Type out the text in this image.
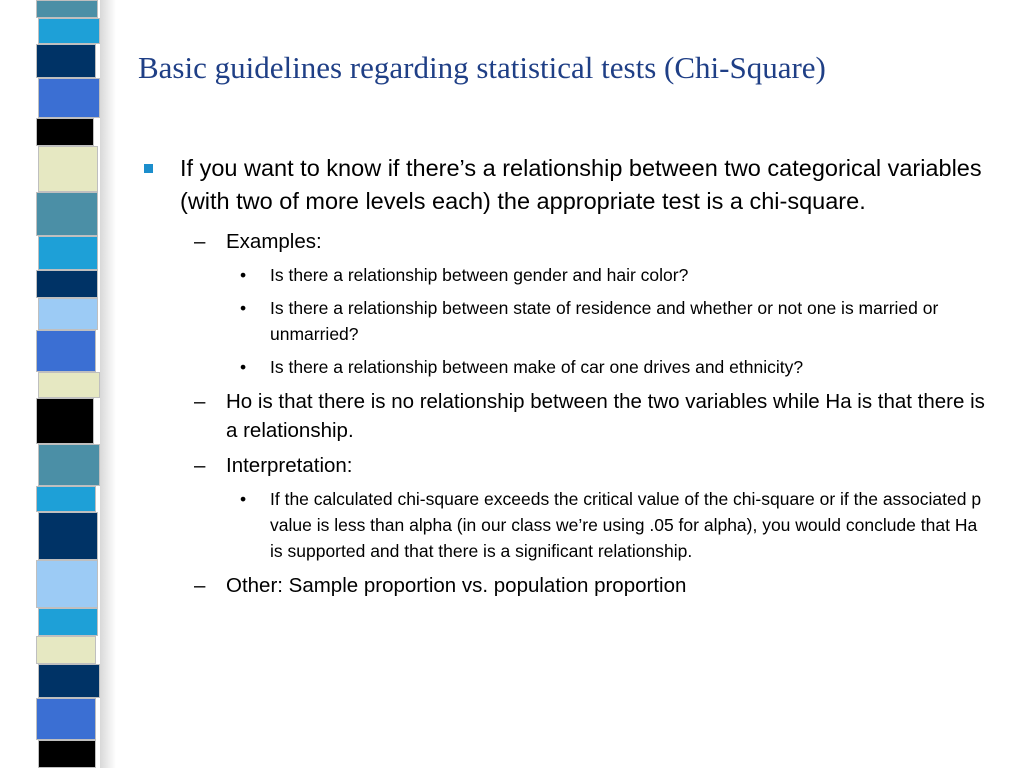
Basic guidelines regarding statistical tests (Chi-Square)
If you want to know if there’s a relationship between two categorical variables (with two of more levels each) the appropriate test is a chi-square.
– Examples:
• Is there a relationship between gender and hair color?
• Is there a relationship between state of residence and whether or not one is married or unmarried?
• Is there a relationship between make of car one drives and ethnicity?
– Ho is that there is no relationship between the two variables while Ha is that there is a relationship.
– Interpretation:
• If the calculated chi-square exceeds the critical value of the chi-square or if the associated p value is less than alpha (in our class we’re using .05 for alpha), you would conclude that Ha is supported and that there is a significant relationship.
– Other: Sample proportion vs. population proportion
